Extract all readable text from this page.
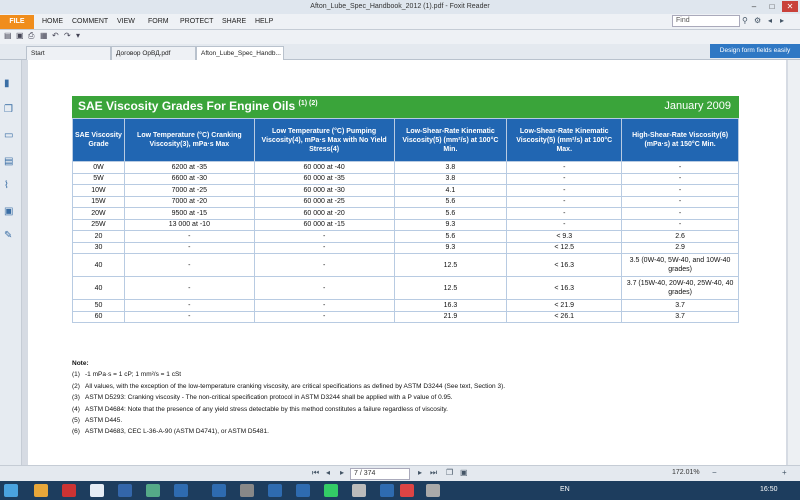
Afton_Lube_Spec_Handbook_2012 (1).pdf - Foxit Reader	–	□	✕
FILE	HOME COMMENT VIEW FORM PROTECT SHARE HELP	Find	⚲ ⚙ ◂ ▸
▤ ▣ ⎙ ▦ ↶ ↷ ▾
Start	Договор ОрВД.pdf	Afton_Lube_Spec_Handb...	Design form fields easily
▮
❐
▭
▤
⌇
▣
✎
SAE Viscosity Grades For Engine Oils $^{(1) (2)}$	January 2009
SAE Viscosity Grade	Low Temperature (°C) Cranking Viscosity(3), mPa·s Max	Low Temperature (°C) Pumping Viscosity(4), mPa·s Max with No Yield Stress(4)	Low-Shear-Rate Kinematic Viscosity(5) (mm²/s) at 100°C Min.	Low-Shear-Rate Kinematic Viscosity(5) (mm²/s) at 100°C Max.	High-Shear-Rate Viscosity(6) (mPa·s) at 150°C Min.
0W	6200 at -35	60 000 at -40	3.8	-	-
5W	6600 at -30	60 000 at -35	3.8	-	-
10W	7000 at -25	60 000 at -30	4.1	-	-
15W	7000 at -20	60 000 at -25	5.6	-	-
20W	9500 at -15	60 000 at -20	5.6	-	-
25W	13 000 at -10	60 000 at -15	9.3	-	-
20	-	-	5.6	< 9.3	2.6
30	-	-	9.3	< 12.5	2.9
40	-	-	12.5	< 16.3	3.5 (0W-40, 5W-40, and 10W-40 grades)
40	-	-	12.5	< 16.3	3.7 (15W-40, 20W-40, 25W-40, 40 grades)
50	-	-	16.3	< 21.9	3.7
60	-	-	21.9	< 26.1	3.7
Note:
(1) -1 mPa·s = 1 cP; 1 mm²/s = 1 cSt
(2) All values, with the exception of the low-temperature cranking viscosity, are critical specifications as defined by ASTM D3244 (See text, Section 3).
(3) ASTM D5293: Cranking viscosity - The non-critical specification protocol in ASTM D3244 shall be applied with a P value of 0.95.
(4) ASTM D4684: Note that the presence of any yield stress detectable by this method constitutes a failure regardless of viscosity.
(5) ASTM D445.
(6) ASTM D4683, CEC L-36-A-90 (ASTM D4741), or ASTM D5481.
⏮ ◂ ▸	7 / 374	▸ ⏭ ❐ ▣	172.01% −	+
EN	16:50
